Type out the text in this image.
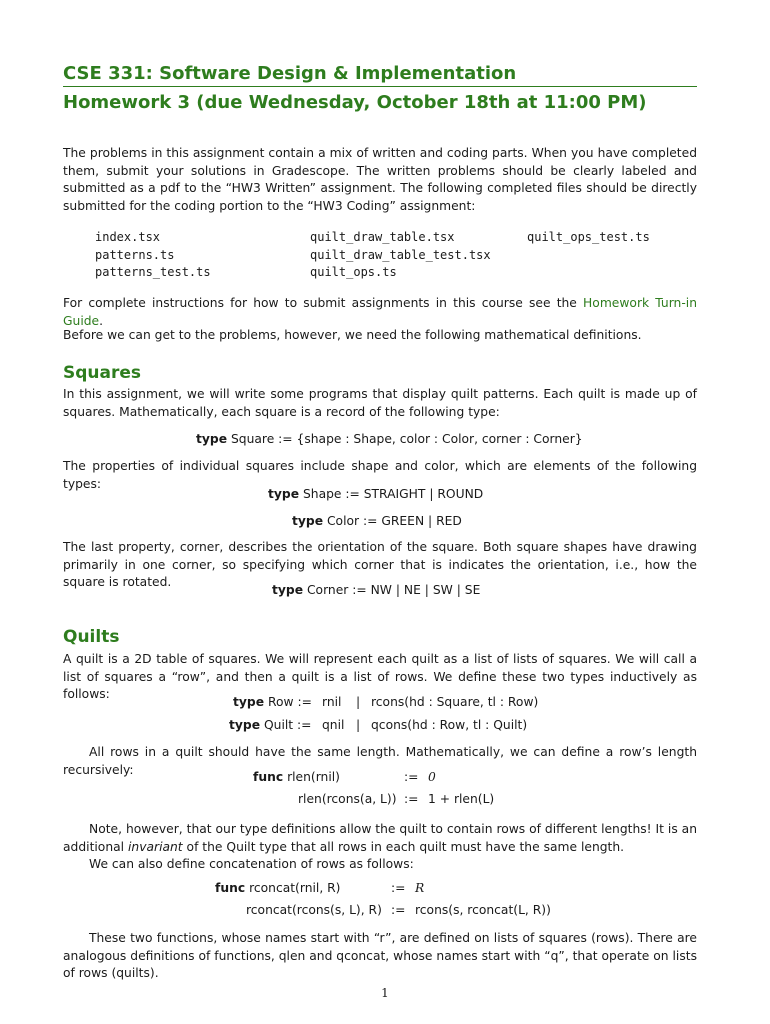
CSE 331: Software Design & Implementation
Homework 3 (due Wednesday, October 18th at 11:00 PM)
The problems in this assignment contain a mix of written and coding parts. When you have completed them, submit your solutions in Gradescope. The written problems should be clearly labeled and submitted as a pdf to the “HW3 Written” assignment. The following completed files should be directly submitted for the coding portion to the “HW3 Coding” assignment:
index.tsx
patterns.ts
patterns_test.ts
quilt_draw_table.tsx
quilt_draw_table_test.tsx
quilt_ops.ts
quilt_ops_test.ts
For complete instructions for how to submit assignments in this course see the Homework Turn-in Guide.
Before we can get to the problems, however, we need the following mathematical definitions.
Squares
In this assignment, we will write some programs that display quilt patterns. Each quilt is made up of squares. Mathematically, each square is a record of the following type:
type Square := {shape : Shape, color : Color, corner : Corner}
The properties of individual squares include shape and color, which are elements of the following types:
type Shape := STRAIGHT | ROUND
type Color := GREEN | RED
The last property, corner, describes the orientation of the square. Both square shapes have drawing primarily in one corner, so specifying which corner that is indicates the orientation, i.e., how the square is rotated.
type Corner := NW | NE | SW | SE
Quilts
A quilt is a 2D table of squares. We will represent each quilt as a list of lists of squares. We will call a list of squares a “row”, and then a quilt is a list of rows. We define these two types inductively as follows:
type Row := rnil | rcons(hd : Square, tl : Row)
type Quilt := qnil | qcons(hd : Row, tl : Quilt)
All rows in a quilt should have the same length. Mathematically, we can define a row’s length recursively:
func rlen(rnil)	:= 0
rlen(rcons(a, L)) := 1 + rlen(L)
Note, however, that our type definitions allow the quilt to contain rows of different lengths! It is an additional invariant of the Quilt type that all rows in each quilt must have the same length.
We can also define concatenation of rows as follows:
func rconcat(rnil, R)	:= R
rconcat(rcons(s, L), R) := rcons(s, rconcat(L, R))
These two functions, whose names start with “r”, are defined on lists of squares (rows). There are analogous definitions of functions, qlen and qconcat, whose names start with “q”, that operate on lists of rows (quilts).
1
